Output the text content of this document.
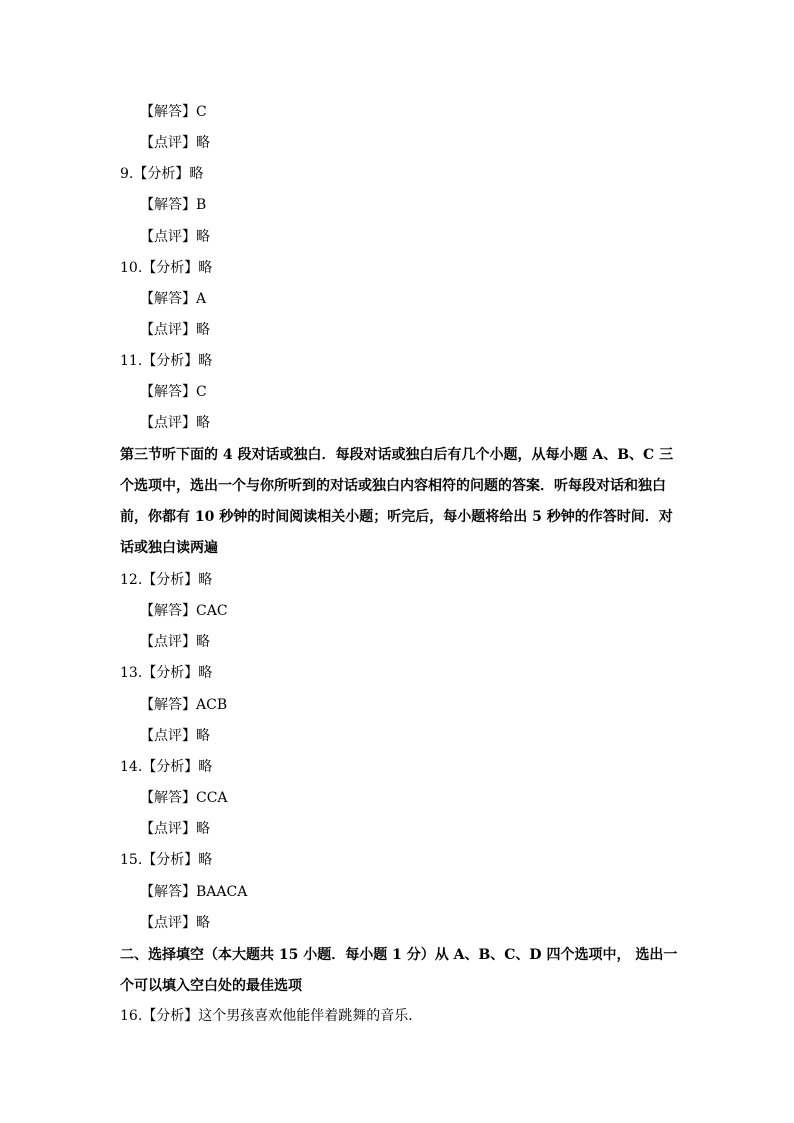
【解答】C
【点评】略
9.【分析】略
【解答】B
【点评】略
10.【分析】略
【解答】A
【点评】略
11.【分析】略
【解答】C
【点评】略
第三节听下面的 4 段对话或独白．每段对话或独白后有几个小题，从每小题 A、B、C 三个选项中，选出一个与你所听到的对话或独白内容相符的问题的答案．听每段对话和独白前，你都有 10 秒钟的时间阅读相关小题；听完后，每小题将给出 5 秒钟的作答时间．对话或独白读两遍
12.【分析】略
【解答】CAC
【点评】略
13.【分析】略
【解答】ACB
【点评】略
14.【分析】略
【解答】CCA
【点评】略
15.【分析】略
【解答】BAACA
【点评】略
二、选择填空（本大题共 15 小题．每小题 1 分）从 A、B、C、D 四个选项中， 选出一个可以填入空白处的最佳选项
16.【分析】这个男孩喜欢他能伴着跳舞的音乐．
